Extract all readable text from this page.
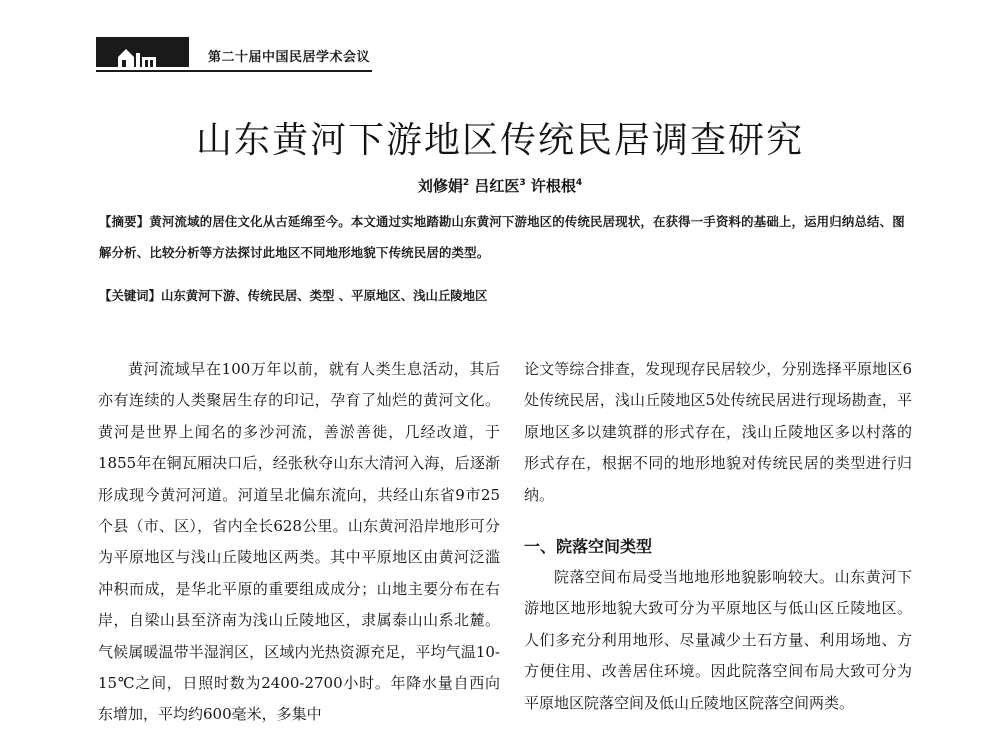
第二十届中国民居学术会议
山东黄河下游地区传统民居调查研究
刘修娟$^2$ 吕红医$^3$ 许根根$^4$
【摘要】黄河流域的居住文化从古延绵至今。本文通过实地踏勘山东黄河下游地区的传统民居现状，在获得一手资料的基础上，运用归纳总结、图解分析、比较分析等方法探讨此地区不同地形地貌下传统民居的类型。
【关键词】山东黄河下游、传统民居、类型 、平原地区、浅山丘陵地区

黄河流域早在100万年以前，就有人类生息活动，其后亦有连续的人类聚居生存的印记，孕育了灿烂的黄河文化。黄河是世界上闻名的多沙河流，善淤善徙，几经改道，于1855年在铜瓦厢决口后，经张秋夺山东大清河入海，后逐渐形成现今黄河河道。河道呈北偏东流向，共经山东省9市25个县（市、区），省内全长628公里。山东黄河沿岸地形可分为平原地区与浅山丘陵地区两类。其中平原地区由黄河泛滥冲积而成，是华北平原的重要组成成分；山地主要分布在右岸，自梁山县至济南为浅山丘陵地区，隶属泰山山系北麓。气候属暖温带半湿润区，区域内光热资源充足，平均气温10-15℃之间，日照时数为2400-2700小时。年降水量自西向东增加，平均约600毫米，多集中

论文等综合排查，发现现存民居较少，分别选择平原地区6处传统民居，浅山丘陵地区5处传统民居进行现场勘查，平原地区多以建筑群的形式存在，浅山丘陵地区多以村落的形式存在，根据不同的地形地貌对传统民居的类型进行归纳。

一、院落空间类型

院落空间布局受当地地形地貌影响较大。山东黄河下游地区地形地貌大致可分为平原地区与低山区丘陵地区。人们多充分利用地形、尽量减少土石方量、利用场地、方方便住用、改善居住环境。因此院落空间布局大致可分为平原地区院落空间及低山丘陵地区院落空间两类。
